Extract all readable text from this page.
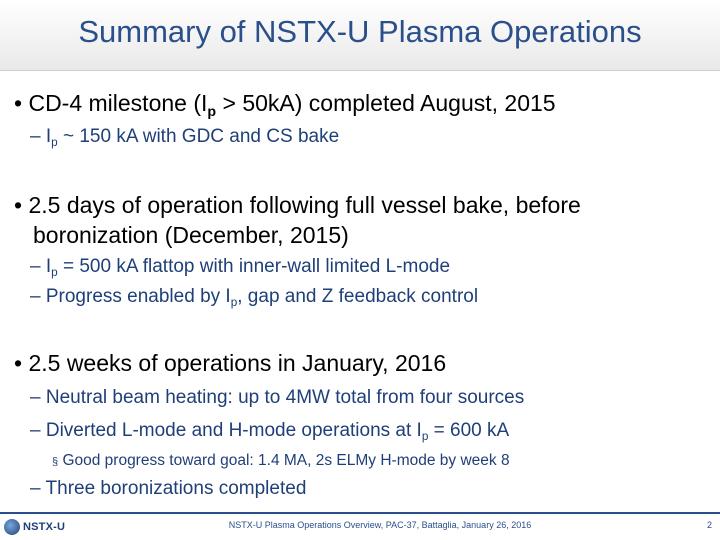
Summary of NSTX-U Plasma Operations
• CD-4 milestone $(I_p > 50kA)$ completed August, 2015
– $I_p$ ~ 150 kA with GDC and CS bake
• 2.5 days of operation following full vessel bake, before
boronization (December, 2015)
– $I_p = 500$ kA flattop with inner-wall limited L-mode
– Progress enabled by $I_p$, gap and Z feedback control
• 2.5 weeks of operations in January, 2016
– Neutral beam heating: up to 4MW total from four sources
– Diverted L-mode and H-mode operations at $I_p = 600$ kA
§ Good progress toward goal: 1.4 MA, 2s ELMy H-mode by week 8
– Three boronizations completed
NSTX-U	NSTX-U Plasma Operations Overview, PAC-37, Battaglia, January 26, 2016	2
